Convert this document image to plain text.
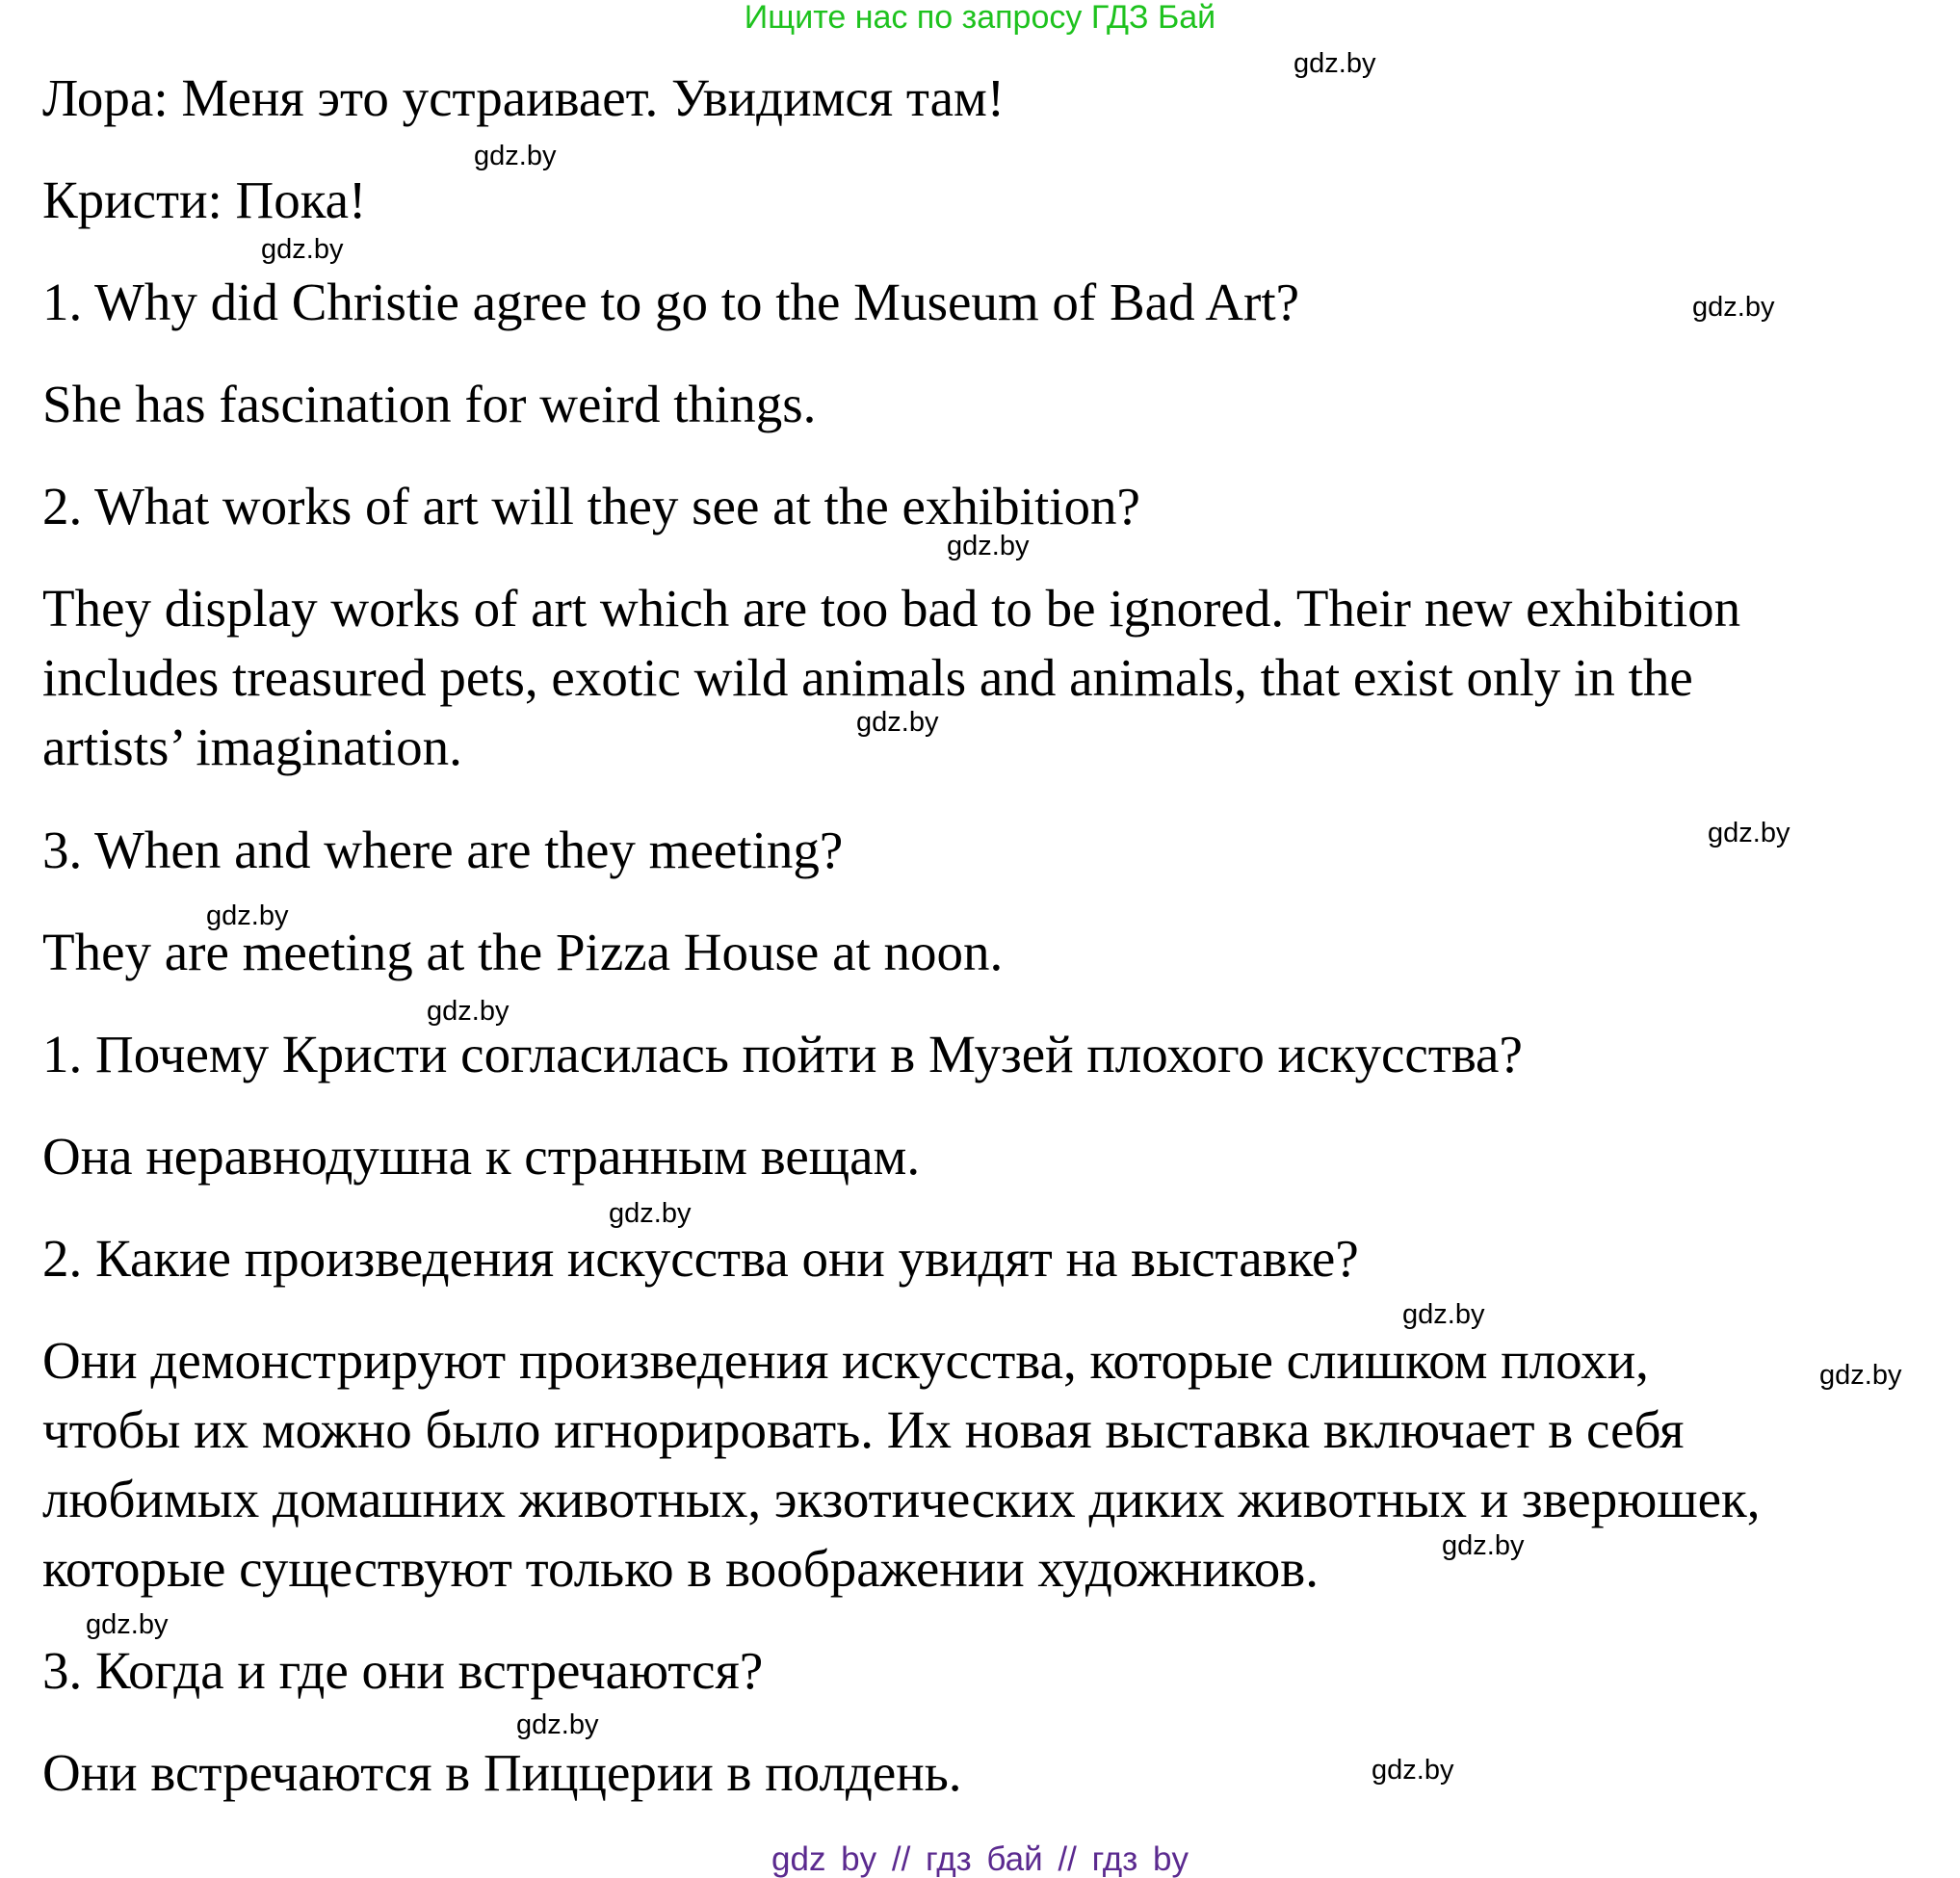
Ищите нас по запросу ГДЗ Бай
Лора: Меня это устраивает. Увидимся там!
Кристи: Пока!
1. Why did Christie agree to go to the Museum of Bad Art?
She has fascination for weird things.
2. What works of art will they see at the exhibition?
They display works of art which are too bad to be ignored. Their new exhibition
includes treasured pets, exotic wild animals and animals, that exist only in the
artists’ imagination.
3. When and where are they meeting?
They are meeting at the Pizza House at noon.
1. Почему Кристи согласилась пойти в Музей плохого искусства?
Она неравнодушна к странным вещам.
2. Какие произведения искусства они увидят на выставке?
Они демонстрируют произведения искусства, которые слишком плохи,
чтобы их можно было игнорировать. Их новая выставка включает в себя
любимых домашних животных, экзотических диких животных и зверюшек,
которые существуют только в воображении художников.
3. Когда и где они встречаются?
Они встречаются в Пиццерии в полдень.
gdz.by
gdz.by
gdz.by
gdz.by
gdz.by
gdz.by
gdz.by
gdz.by
gdz.by
gdz.by
gdz.by
gdz.by
gdz.by
gdz.by
gdz.by
gdz.by
gdz by // гдз бай // гдз by
